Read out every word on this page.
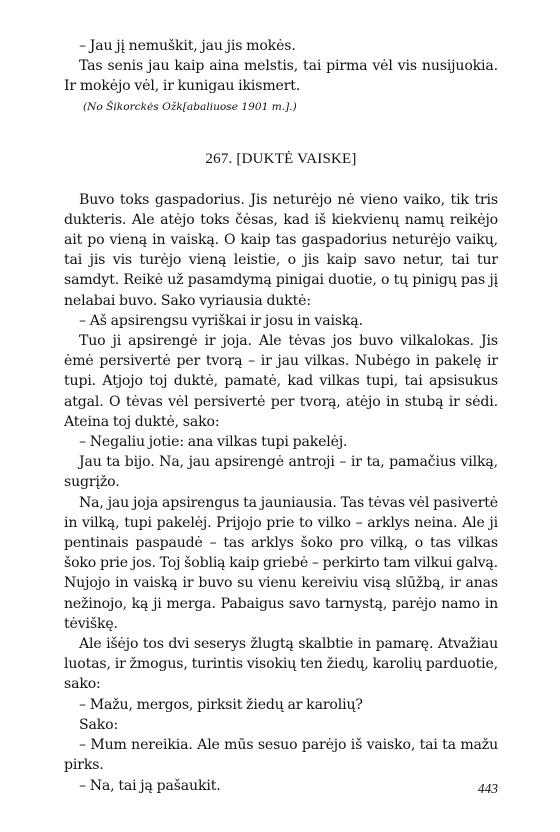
– Jau jį nemuškit, jau jis mokės.

Tas senis jau kaip aina melstis, tai pirma vėl vis nusijuokia. Ir mokėjo vėl, ir kunigau ikismert.

(No Šikorckės Ožk[abaliuose 1901 m.].)

267. [DUKTĖ VAISKE]

Buvo toks gaspadorius. Jis neturėjo nė vieno vaiko, tik tris dukteris. Ale atėjo toks čėsas, kad iš kiekvienų namų reikėjo ait po vieną in vaiską. O kaip tas gaspadorius neturėjo vaikų, tai jis vis turėjo vieną leistie, o jis kaip savo netur, tai tur samdyt. Reikė už pasamdymą pinigai duotie, o tų pinigų pas jį nelabai buvo. Sako vyriausia duktė:

– Aš apsirengsu vyriškai ir josu in vaiską.

Tuo ji apsirengė ir joja. Ale tėvas jos buvo vilkalokas. Jis ėmė persivertė per tvorą – ir jau vilkas. Nubėgo in pakelę ir tupi. Atjojo toj duktė, pamatė, kad vilkas tupi, tai apsisukus atgal. O tėvas vėl persivertė per tvorą, atėjo in stubą ir sėdi. Ateina toj duktė, sako:

– Negaliu jotie: ana vilkas tupi pakelėj.

Jau ta bijo. Na, jau apsirengė antroji – ir ta, pamačius vilką, sugrįžo.

Na, jau joja apsirengus ta jauniausia. Tas tėvas vėl pasivertė in vilką, tupi pakelėj. Prijojo prie to vilko – arklys neina. Ale ji pentinais paspaudė – tas arklys šoko pro vilką, o tas vilkas šoko prie jos. Toj šoblią kaip griebė – perkirto tam vilkui galvą. Nujojo in vaiską ir buvo su vienu kereiviu visą slūžbą, ir anas nežinojo, ką ji merga. Pabaigus savo tarnystą, parėjo namo in tėviškę.

Ale išėjo tos dvi seserys žlugtą skalbtie in pamarę. Atvažiau luotas, ir žmogus, turintis visokių ten žiedų, karolių parduotie, sako:

– Mažu, mergos, pirksit žiedų ar karolių?

Sako:

– Mum nereikia. Ale mūs sesuo parėjo iš vaisko, tai ta mažu pirks.

– Na, tai ją pašaukit.	443
